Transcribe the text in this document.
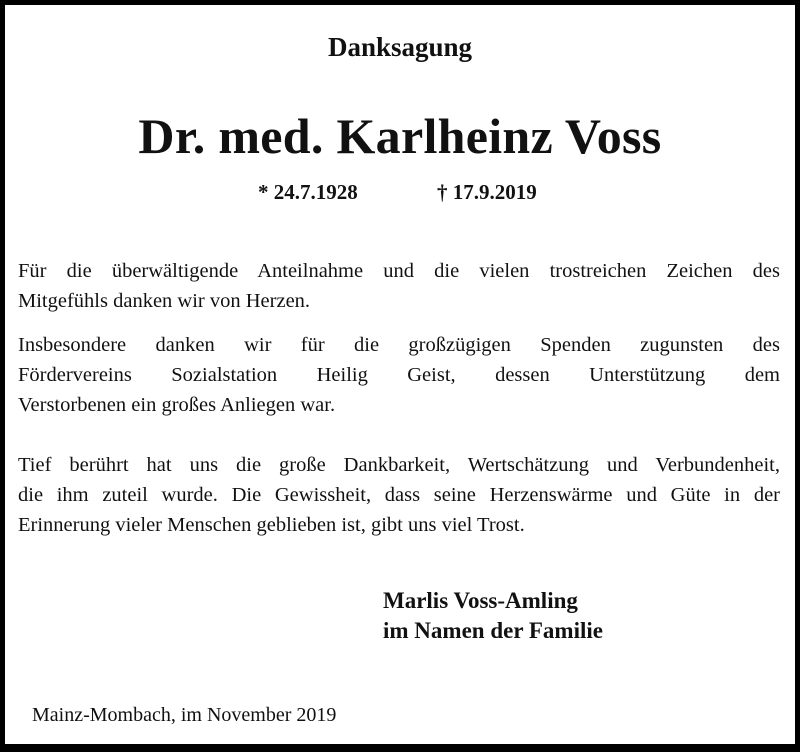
Danksagung
Dr. med. Karlheinz Voss
* 24.7.1928	† 17.9.2019
Für die überwältigende Anteilnahme und die vielen trostreichen Zeichen des
Mitgefühls danken wir von Herzen.
Insbesondere danken wir für die großzügigen Spenden zugunsten des
Fördervereins Sozialstation Heilig Geist, dessen Unterstützung dem
Verstorbenen ein großes Anliegen war.
Tief berührt hat uns die große Dankbarkeit, Wertschätzung und Verbundenheit,
die ihm zuteil wurde. Die Gewissheit, dass seine Herzenswärme und Güte in der
Erinnerung vieler Menschen geblieben ist, gibt uns viel Trost.
Marlis Voss-Amling
im Namen der Familie
Mainz-Mombach, im November 2019
